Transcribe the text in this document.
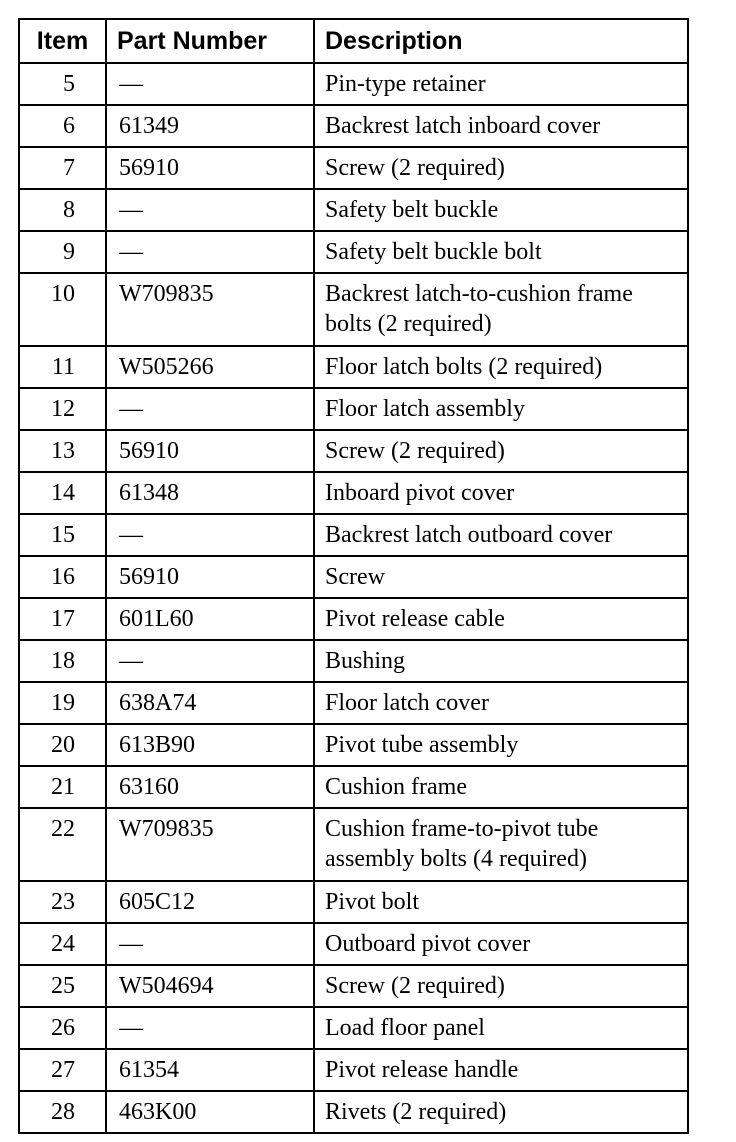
Item	Part Number	Description
5	—	Pin-type retainer
6	61349	Backrest latch inboard cover
7	56910	Screw (2 required)
8	—	Safety belt buckle
9	—	Safety belt buckle bolt
10	W709835	Backrest latch-to-cushion frame bolts (2 required)
11	W505266	Floor latch bolts (2 required)
12	—	Floor latch assembly
13	56910	Screw (2 required)
14	61348	Inboard pivot cover
15	—	Backrest latch outboard cover
16	56910	Screw
17	601L60	Pivot release cable
18	—	Bushing
19	638A74	Floor latch cover
20	613B90	Pivot tube assembly
21	63160	Cushion frame
22	W709835	Cushion frame-to-pivot tube assembly bolts (4 required)
23	605C12	Pivot bolt
24	—	Outboard pivot cover
25	W504694	Screw (2 required)
26	—	Load floor panel
27	61354	Pivot release handle
28	463K00	Rivets (2 required)
